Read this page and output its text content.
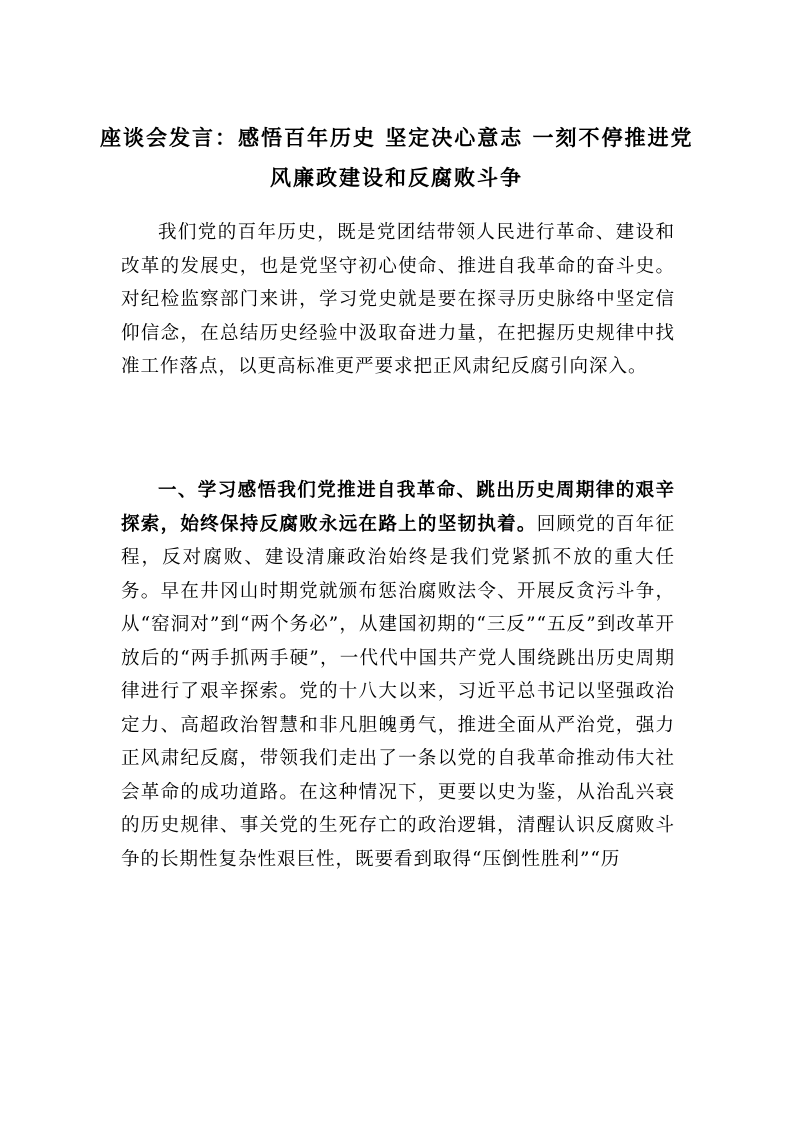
座谈会发言：感悟百年历史 坚定决心意志 一刻不停推进党
风廉政建设和反腐败斗争

我们党的百年历史，既是党团结带领人民进行革命、建设和改革的发展史，也是党坚守初心使命、推进自我革命的奋斗史。对纪检监察部门来讲，学习党史就是要在探寻历史脉络中坚定信仰信念，在总结历史经验中汲取奋进力量，在把握历史规律中找准工作落点，以更高标准更严要求把正风肃纪反腐引向深入。

一、学习感悟我们党推进自我革命、跳出历史周期律的艰辛探索，始终保持反腐败永远在路上的坚韧执着。回顾党的百年征程，反对腐败、建设清廉政治始终是我们党紧抓不放的重大任务。早在井冈山时期党就颁布惩治腐败法令、开展反贪污斗争，从“窑洞对”到“两个务必”，从建国初期的“三反”“五反”到改革开放后的“两手抓两手硬”，一代代中国共产党人围绕跳出历史周期律进行了艰辛探索。党的十八大以来，习近平总书记以坚强政治定力、高超政治智慧和非凡胆魄勇气，推进全面从严治党，强力正风肃纪反腐，带领我们走出了一条以党的自我革命推动伟大社会革命的成功道路。在这种情况下，更要以史为鉴，从治乱兴衰的历史规律、事关党的生死存亡的政治逻辑，清醒认识反腐败斗争的长期性复杂性艰巨性，既要看到取得“压倒性胜利”“历
